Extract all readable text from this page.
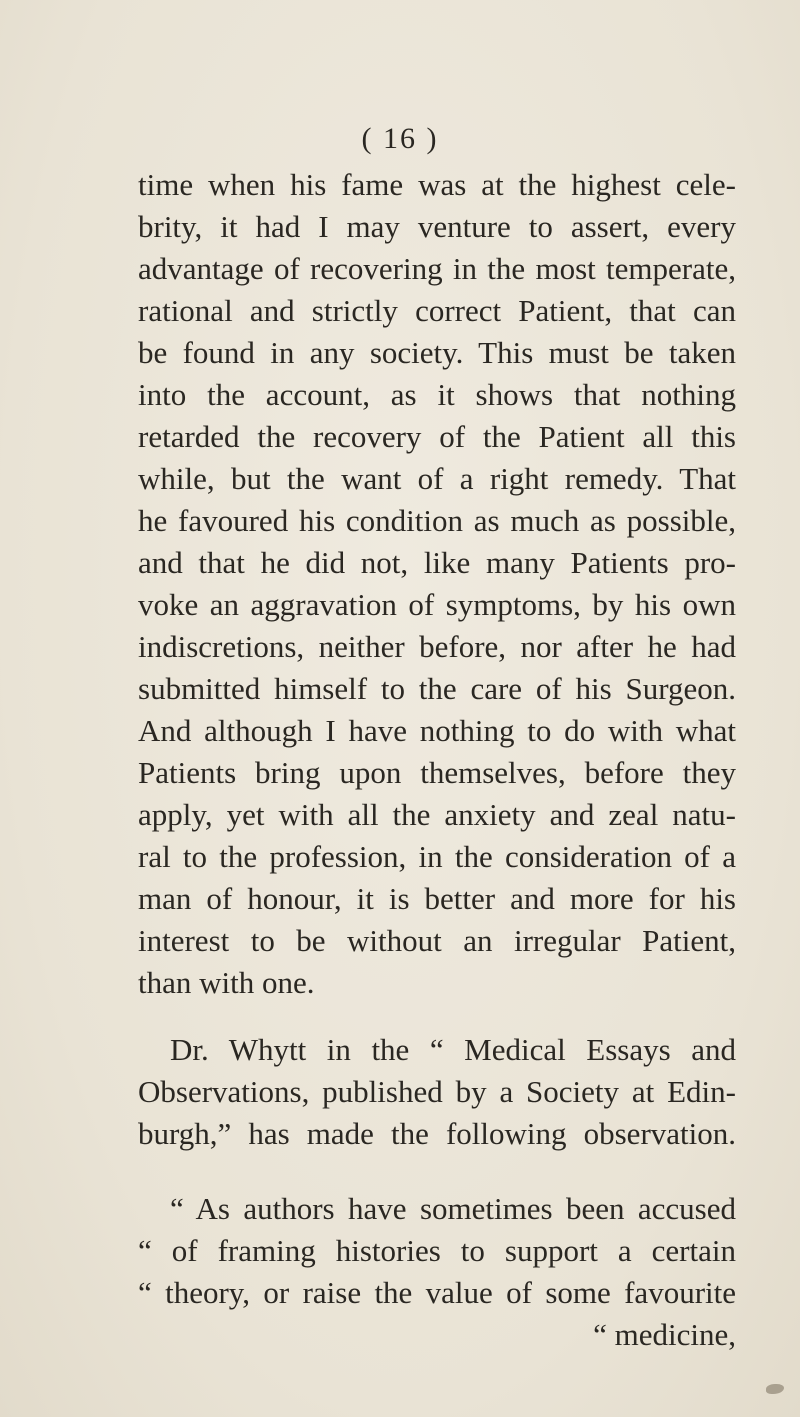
( 16 )
time when his fame was at the highest cele-
brity, it had I may venture to assert, every
advantage of recovering in the most temperate,
rational and strictly correct Patient, that can
be found in any society. This must be taken
into the account, as it shows that nothing
retarded the recovery of the Patient all this
while, but the want of a right remedy. That
he favoured his condition as much as possible,
and that he did not, like many Patients pro-
voke an aggravation of symptoms, by his own
indiscretions, neither before, nor after he had
submitted himself to the care of his Surgeon.
And although I have nothing to do with what
Patients bring upon themselves, before they
apply, yet with all the anxiety and zeal natu-
ral to the profession, in the consideration of a
man of honour, it is better and more for his
interest to be without an irregular Patient,
than with one.
Dr. Whytt in the “ Medical Essays and
Observations, published by a Society at Edin-
burgh,” has made the following observation.
“ As authors have sometimes been accused
“ of framing histories to support a certain
“ theory, or raise the value of some favourite
“ medicine,
